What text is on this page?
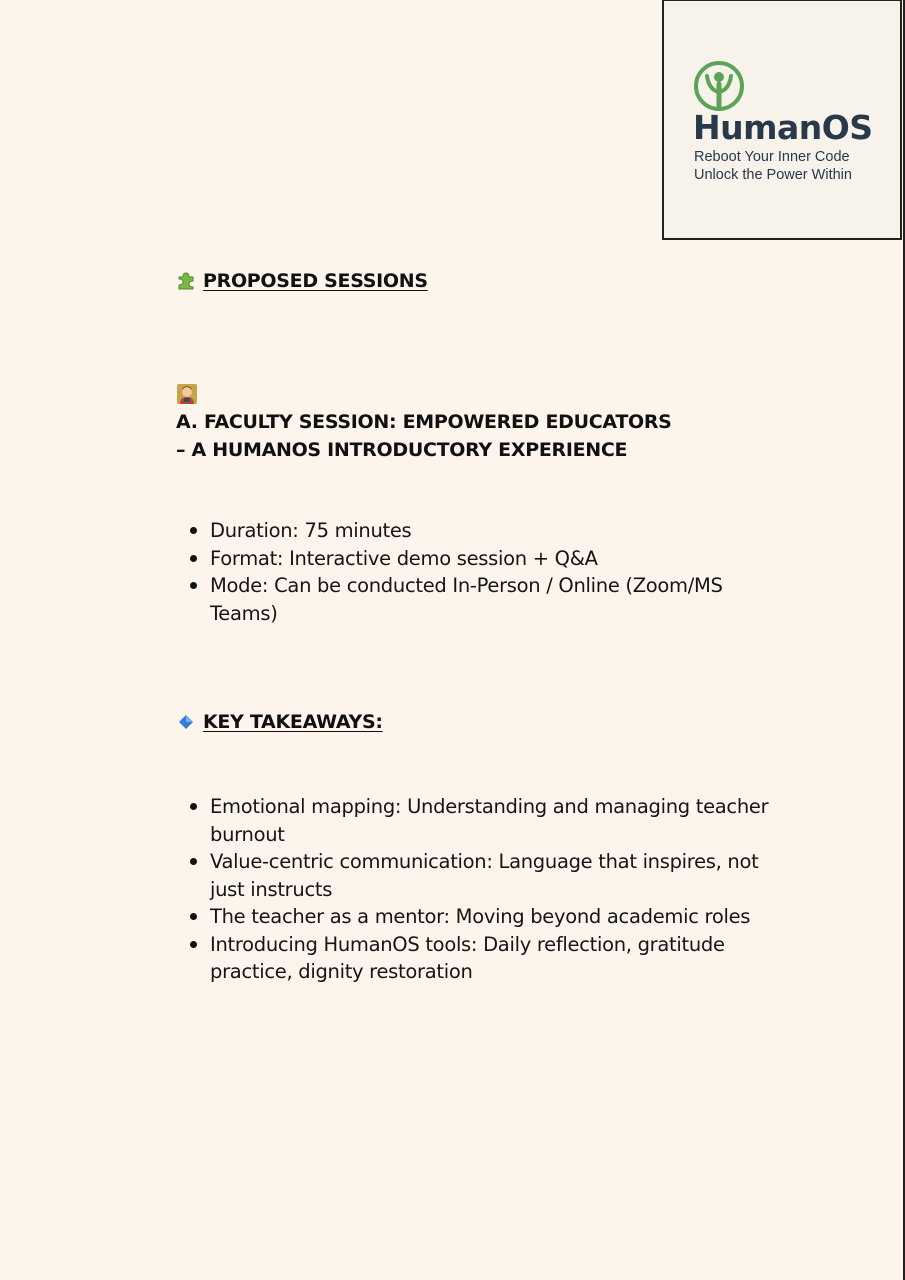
HumanOS
Reboot Your Inner Code
Unlock the Power Within
PROPOSED SESSIONS
A. FACULTY SESSION: EMPOWERED EDUCATORS
– A HUMANOS INTRODUCTORY EXPERIENCE
Duration: 75 minutes
Format: Interactive demo session + Q&A
Mode: Can be conducted In-Person / Online (Zoom/MS Teams)
KEY TAKEAWAYS:
Emotional mapping: Understanding and managing teacher burnout
Value-centric communication: Language that inspires, not just instructs
The teacher as a mentor: Moving beyond academic roles
Introducing HumanOS tools: Daily reflection, gratitude practice, dignity restoration
